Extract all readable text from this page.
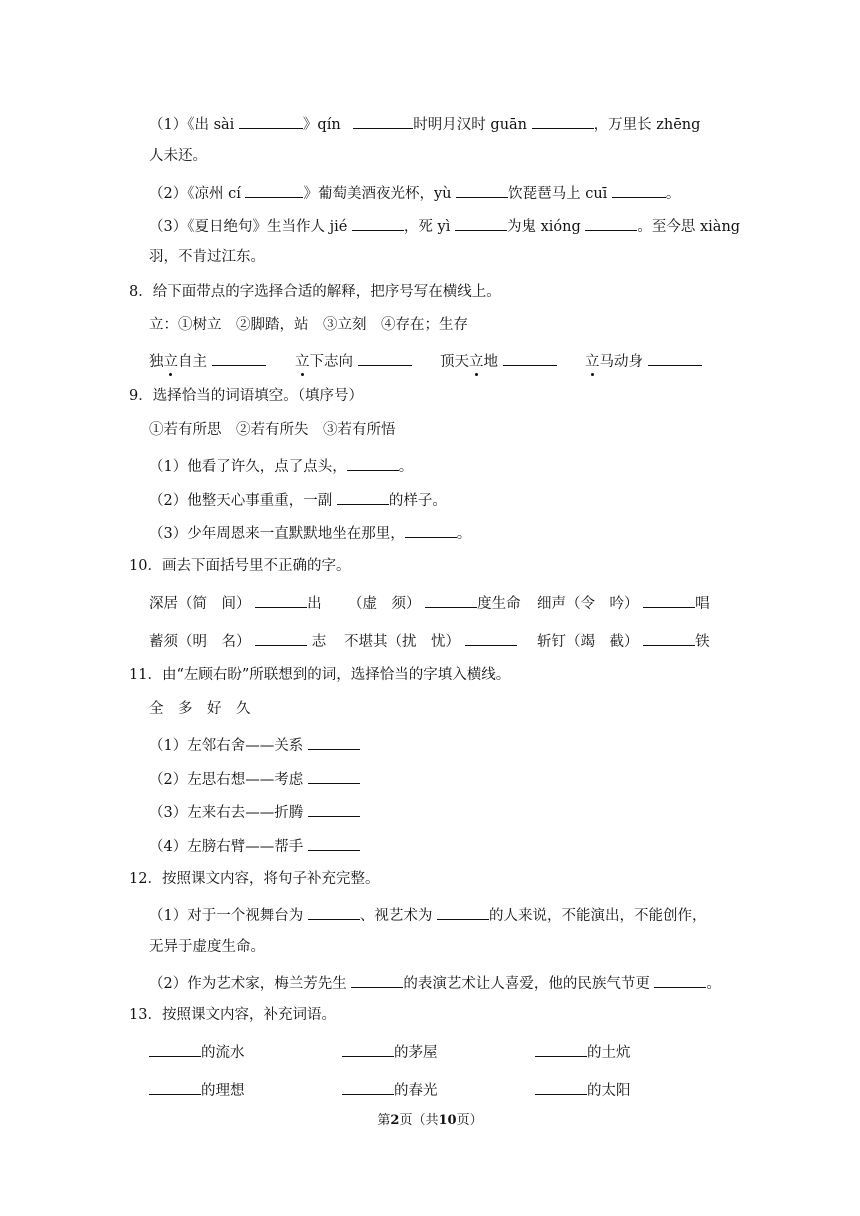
（1）《出 sài	》qín	时明月汉时 guān	，万里长 zhēng
人未还。
（2）《凉州 cí	》葡萄美酒夜光杯，yù	饮琵琶马上 cuī	。
（3）《夏日绝句》生当作人 jié	，死 yì	为鬼 xióng	。至今思 xiàng
羽，不肯过江东。
8．给下面带点的字选择合适的解释，把序号写在横线上。
立：①树立　②脚踏，站　③立刻　④存在；生存
独立自主	立下志向	顶天立地	立马动身
9．选择恰当的词语填空。（填序号）
①若有所思　②若有所失　③若有所悟
（1）他看了许久，点了点头，	。
（2）他整天心事重重，一副	的样子。
（3）少年周恩来一直默默地坐在那里，	。
10．画去下面括号里不正确的字。
深居（简　间）	出 （虚　须）	度生命 细声（令　吟）	唱
蓄须（明　名）	志 不堪其（扰　忧）	斩钉（竭　截）	铁
11．由“左顾右盼”所联想到的词，选择恰当的字填入横线。
全　多　好　久
（1）左邻右舍——关系
（2）左思右想——考虑
（3）左来右去——折腾
（4）左膀右臂——帮手
12．按照课文内容，将句子补充完整。
（1）对于一个视舞台为	、视艺术为	的人来说，不能演出，不能创作，
无异于虚度生命。
（2）作为艺术家，梅兰芳先生	的表演艺术让人喜爱，他的民族气节更	。
13．按照课文内容，补充词语。
的流水	的茅屋	的土炕
的理想	的春光	的太阳
第2页（共10页）
